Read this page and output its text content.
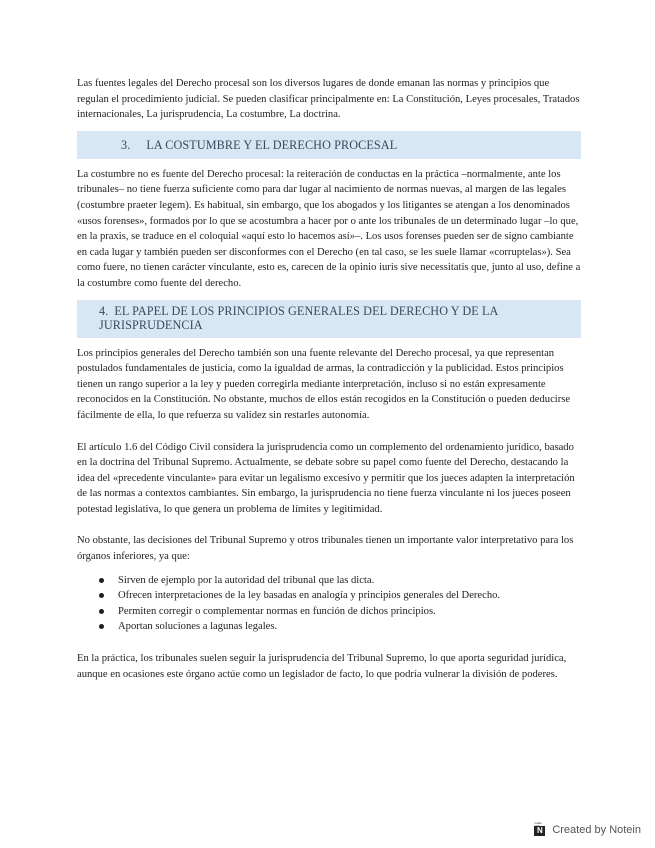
Las fuentes legales del Derecho procesal son los diversos lugares de donde emanan las normas y principios que regulan el procedimiento judicial. Se pueden clasificar principalmente en: La Constitución, Leyes procesales, Tratados internacionales, La jurisprudencia, La costumbre, La doctrina.

3. LA COSTUMBRE Y EL DERECHO PROCESAL

La costumbre no es fuente del Derecho procesal: la reiteración de conductas en la práctica –normalmente, ante los tribunales– no tiene fuerza suficiente como para dar lugar al nacimiento de normas nuevas, al margen de las legales (costumbre praeter legem). Es habitual, sin embargo, que los abogados y los litigantes se atengan a los denominados «usos forenses», formados por lo que se acostumbra a hacer por o ante los tribunales de un determinado lugar –lo que, en la praxis, se traduce en el coloquial «aquí esto lo hacemos así»–. Los usos forenses pueden ser de signo cambiante en cada lugar y también pueden ser disconformes con el Derecho (en tal caso, se les suele llamar «corruptelas»). Sea como fuere, no tienen carácter vinculante, esto es, carecen de la opinio iuris sive necessitatis que, junto al uso, define a la costumbre como fuente del derecho.

4. EL PAPEL DE LOS PRINCIPIOS GENERALES DEL DERECHO Y DE LA JURISPRUDENCIA

Los principios generales del Derecho también son una fuente relevante del Derecho procesal, ya que representan postulados fundamentales de justicia, como la igualdad de armas, la contradicción y la publicidad. Estos principios tienen un rango superior a la ley y pueden corregirla mediante interpretación, incluso si no están expresamente reconocidos en la Constitución. No obstante, muchos de ellos están recogidos en la Constitución o pueden deducirse fácilmente de ella, lo que refuerza su validez sin restarles autonomía.

El artículo 1.6 del Código Civil considera la jurisprudencia como un complemento del ordenamiento jurídico, basado en la doctrina del Tribunal Supremo. Actualmente, se debate sobre su papel como fuente del Derecho, destacando la idea del «precedente vinculante» para evitar un legalismo excesivo y permitir que los jueces adapten la interpretación de las normas a contextos cambiantes. Sin embargo, la jurisprudencia no tiene fuerza vinculante ni los jueces poseen potestad legislativa, lo que genera un problema de límites y legitimidad.

No obstante, las decisiones del Tribunal Supremo y otros tribunales tienen un importante valor interpretativo para los órganos inferiores, ya que:

Sirven de ejemplo por la autoridad del tribunal que las dicta.
Ofrecen interpretaciones de la ley basadas en analogía y principios generales del Derecho.
Permiten corregir o complementar normas en función de dichos principios.
Aportan soluciones a lagunas legales.

En la práctica, los tribunales suelen seguir la jurisprudencia del Tribunal Supremo, lo que aporta seguridad jurídica, aunque en ocasiones este órgano actúe como un legislador de facto, lo que podría vulnerar la división de poderes.

made
N Created by Notein
